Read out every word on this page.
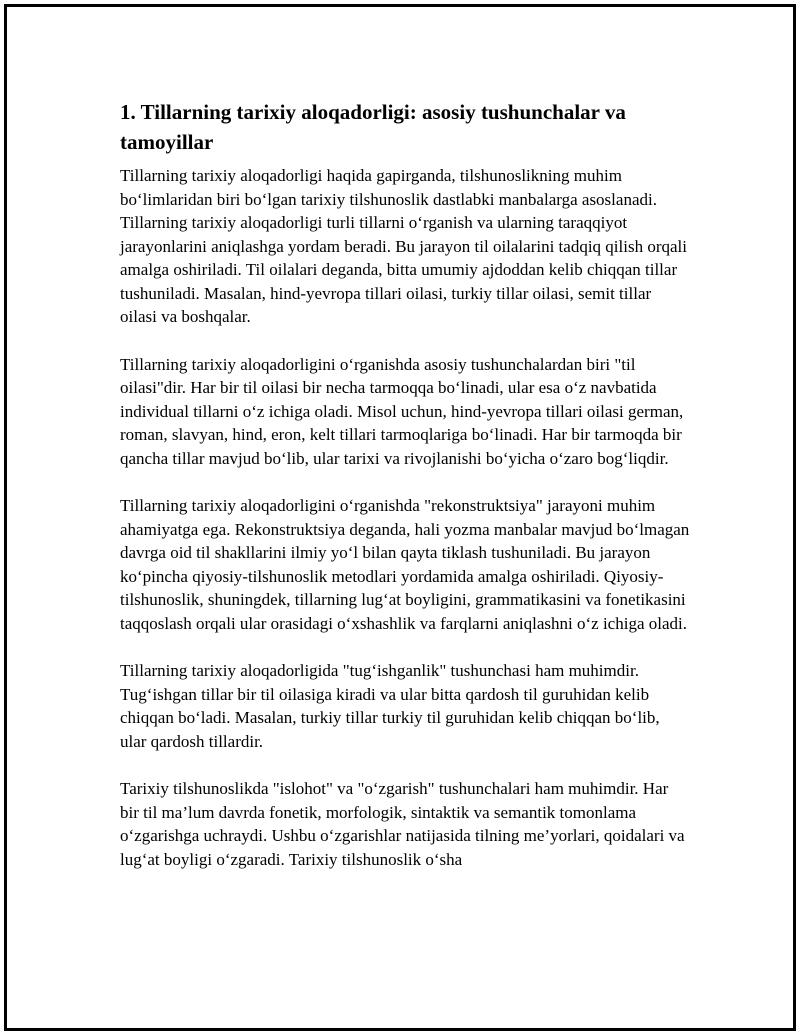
1. Tillarning tarixiy aloqadorligi: asosiy tushunchalar va tamoyillar

Tillarning tarixiy aloqadorligi haqida gapirganda, tilshunoslikning muhim bo‘limlaridan biri bo‘lgan tarixiy tilshunoslik dastlabki manbalarga asoslanadi. Tillarning tarixiy aloqadorligi turli tillarni o‘rganish va ularning taraqqiyot jarayonlarini aniqlashga yordam beradi. Bu jarayon til oilalarini tadqiq qilish orqali amalga oshiriladi. Til oilalari deganda, bitta umumiy ajdoddan kelib chiqqan tillar tushuniladi. Masalan, hind-yevropa tillari oilasi, turkiy tillar oilasi, semit tillar oilasi va boshqalar.

Tillarning tarixiy aloqadorligini o‘rganishda asosiy tushunchalardan biri "til oilasi"dir. Har bir til oilasi bir necha tarmoqqa bo‘linadi, ular esa o‘z navbatida individual tillarni o‘z ichiga oladi. Misol uchun, hind-yevropa tillari oilasi german, roman, slavyan, hind, eron, kelt tillari tarmoqlariga bo‘linadi. Har bir tarmoqda bir qancha tillar mavjud bo‘lib, ular tarixi va rivojlanishi bo‘yicha o‘zaro bog‘liqdir.

Tillarning tarixiy aloqadorligini o‘rganishda "rekonstruktsiya" jarayoni muhim ahamiyatga ega. Rekonstruktsiya deganda, hali yozma manbalar mavjud bo‘lmagan davrga oid til shakllarini ilmiy yo‘l bilan qayta tiklash tushuniladi. Bu jarayon ko‘pincha qiyosiy-tilshunoslik metodlari yordamida amalga oshiriladi. Qiyosiy-tilshunoslik, shuningdek, tillarning lug‘at boyligini, grammatikasini va fonetikasini taqqoslash orqali ular orasidagi o‘xshashlik va farqlarni aniqlashni o‘z ichiga oladi.

Tillarning tarixiy aloqadorligida "tug‘ishganlik" tushunchasi ham muhimdir. Tug‘ishgan tillar bir til oilasiga kiradi va ular bitta qardosh til guruhidan kelib chiqqan bo‘ladi. Masalan, turkiy tillar turkiy til guruhidan kelib chiqqan bo‘lib, ular qardosh tillardir.

Tarixiy tilshunoslikda "islohot" va "o‘zgarish" tushunchalari ham muhimdir. Har bir til ma’lum davrda fonetik, morfologik, sintaktik va semantik tomonlama o‘zgarishga uchraydi. Ushbu o‘zgarishlar natijasida tilning me’yorlari, qoidalari va lug‘at boyligi o‘zgaradi. Tarixiy tilshunoslik o‘sha
